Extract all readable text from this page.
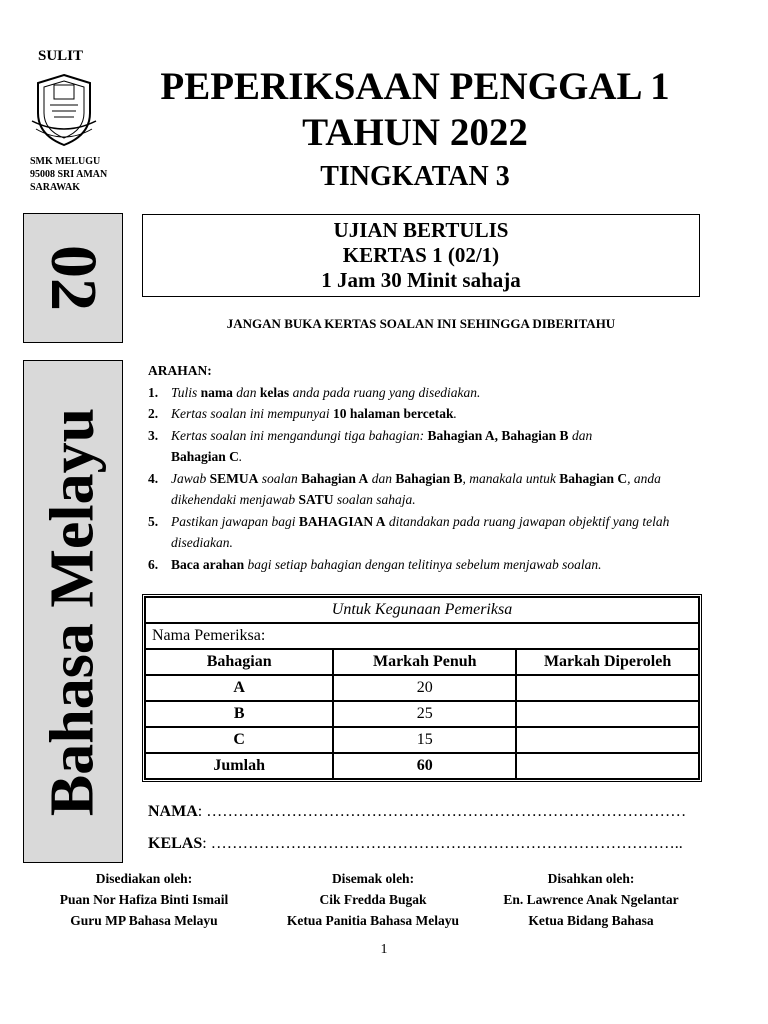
SULIT
SMK MELUGU
95008 SRI AMAN
SARAWAK
PEPERIKSAAN PENGGAL 1
TAHUN 2022
TINGKATAN 3
02
Bahasa Melayu
UJIAN BERTULIS
KERTAS 1 (02/1)
1 Jam 30 Minit sahaja
JANGAN BUKA KERTAS SOALAN INI SEHINGGA DIBERITAHU
ARAHAN:
1. Tulis nama dan kelas anda pada ruang yang disediakan.
2. Kertas soalan ini mempunyai 10 halaman bercetak.
3. Kertas soalan ini mengandungi tiga bahagian: Bahagian A, Bahagian B dan
Bahagian C.
4. Jawab SEMUA soalan Bahagian A dan Bahagian B, manakala untuk Bahagian C, anda dikehendaki menjawab SATU soalan sahaja.
5. Pastikan jawapan bagi BAHAGIAN A ditandakan pada ruang jawapan objektif yang telah disediakan.
6. Baca arahan bagi setiap bahagian dengan telitinya sebelum menjawab soalan.
Untuk Kegunaan Pemeriksa		
Nama Pemeriksa:		
Bahagian	Markah Penuh	Markah Diperoleh
A	20	
B	25	
C	15	
Jumlah	60	
NAMA: ………………………………………………………………………………
KELAS: ……………………………………………………………………………..
Disediakan oleh:
Puan Nor Hafiza Binti Ismail
Guru MP Bahasa Melayu
Disemak oleh:
Cik Fredda Bugak
Ketua Panitia Bahasa Melayu
Disahkan oleh:
En. Lawrence Anak Ngelantar
Ketua Bidang Bahasa
1
